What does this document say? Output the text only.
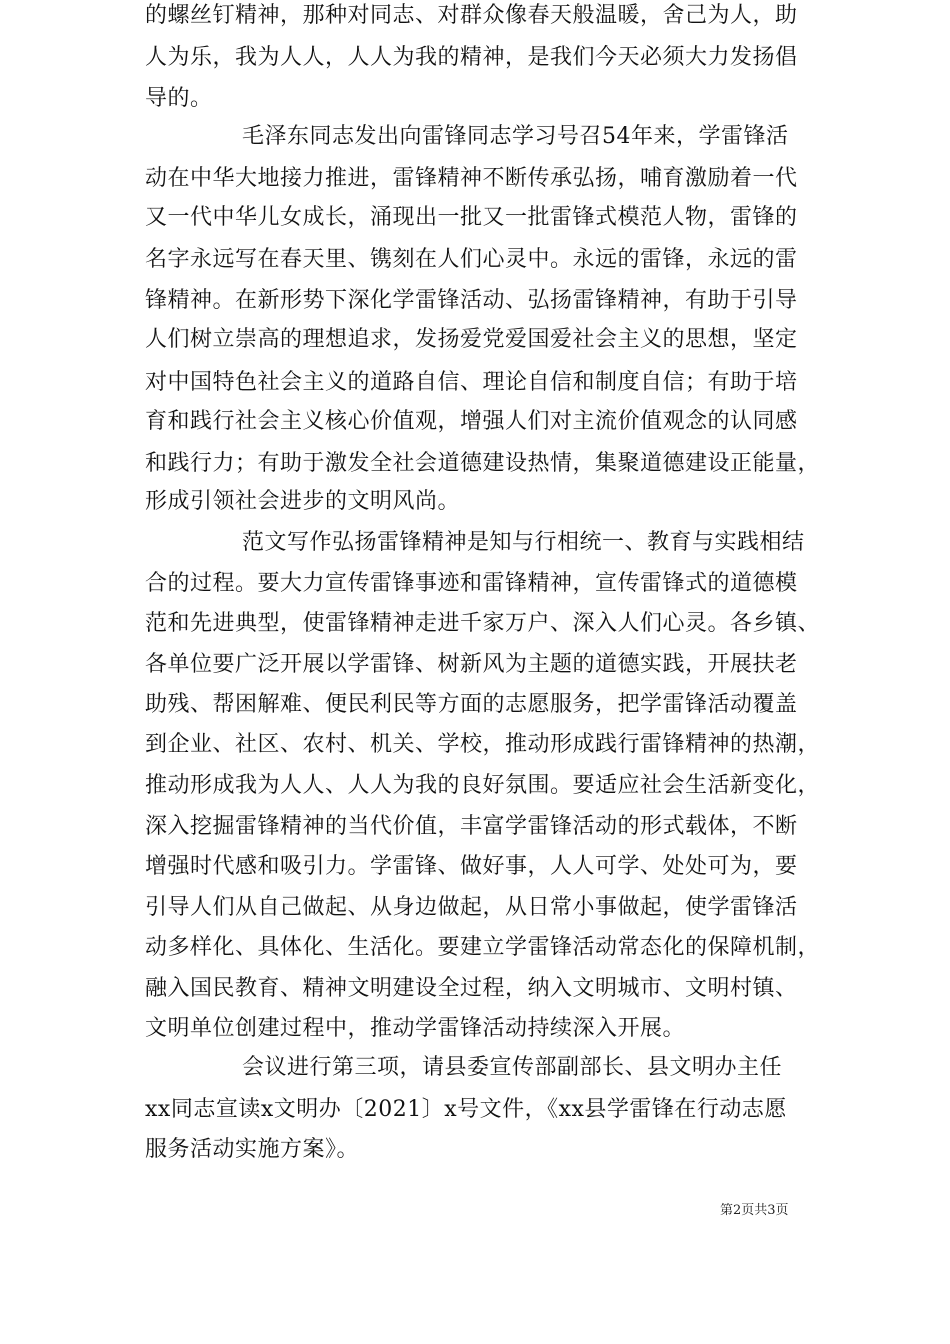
的螺丝钉精神，那种对同志、对群众像春天般温暖，舍己为人，助
人为乐，我为人人，人人为我的精神，是我们今天必须大力发扬倡
导的。
毛泽东同志发出向雷锋同志学习号召54年来，学雷锋活
动在中华大地接力推进，雷锋精神不断传承弘扬，哺育激励着一代
又一代中华儿女成长，涌现出一批又一批雷锋式模范人物，雷锋的
名字永远写在春天里、镌刻在人们心灵中。永远的雷锋，永远的雷
锋精神。在新形势下深化学雷锋活动、弘扬雷锋精神，有助于引导
人们树立崇高的理想追求，发扬爱党爱国爱社会主义的思想，坚定
对中国特色社会主义的道路自信、理论自信和制度自信；有助于培
育和践行社会主义核心价值观，增强人们对主流价值观念的认同感
和践行力；有助于激发全社会道德建设热情，集聚道德建设正能量，
形成引领社会进步的文明风尚。
范文写作弘扬雷锋精神是知与行相统一、教育与实践相结
合的过程。要大力宣传雷锋事迹和雷锋精神，宣传雷锋式的道德模
范和先进典型，使雷锋精神走进千家万户、深入人们心灵。各乡镇、
各单位要广泛开展以学雷锋、树新风为主题的道德实践，开展扶老
助残、帮困解难、便民利民等方面的志愿服务，把学雷锋活动覆盖
到企业、社区、农村、机关、学校，推动形成践行雷锋精神的热潮，
推动形成我为人人、人人为我的良好氛围。要适应社会生活新变化，
深入挖掘雷锋精神的当代价值，丰富学雷锋活动的形式载体，不断
增强时代感和吸引力。学雷锋、做好事，人人可学、处处可为，要
引导人们从自己做起、从身边做起，从日常小事做起，使学雷锋活
动多样化、具体化、生活化。要建立学雷锋活动常态化的保障机制，
融入国民教育、精神文明建设全过程，纳入文明城市、文明村镇、
文明单位创建过程中，推动学雷锋活动持续深入开展。
会议进行第三项，请县委宣传部副部长、县文明办主任
xx同志宣读x文明办〔2021〕x号文件，《xx县学雷锋在行动志愿
服务活动实施方案》。
第2页共3页
